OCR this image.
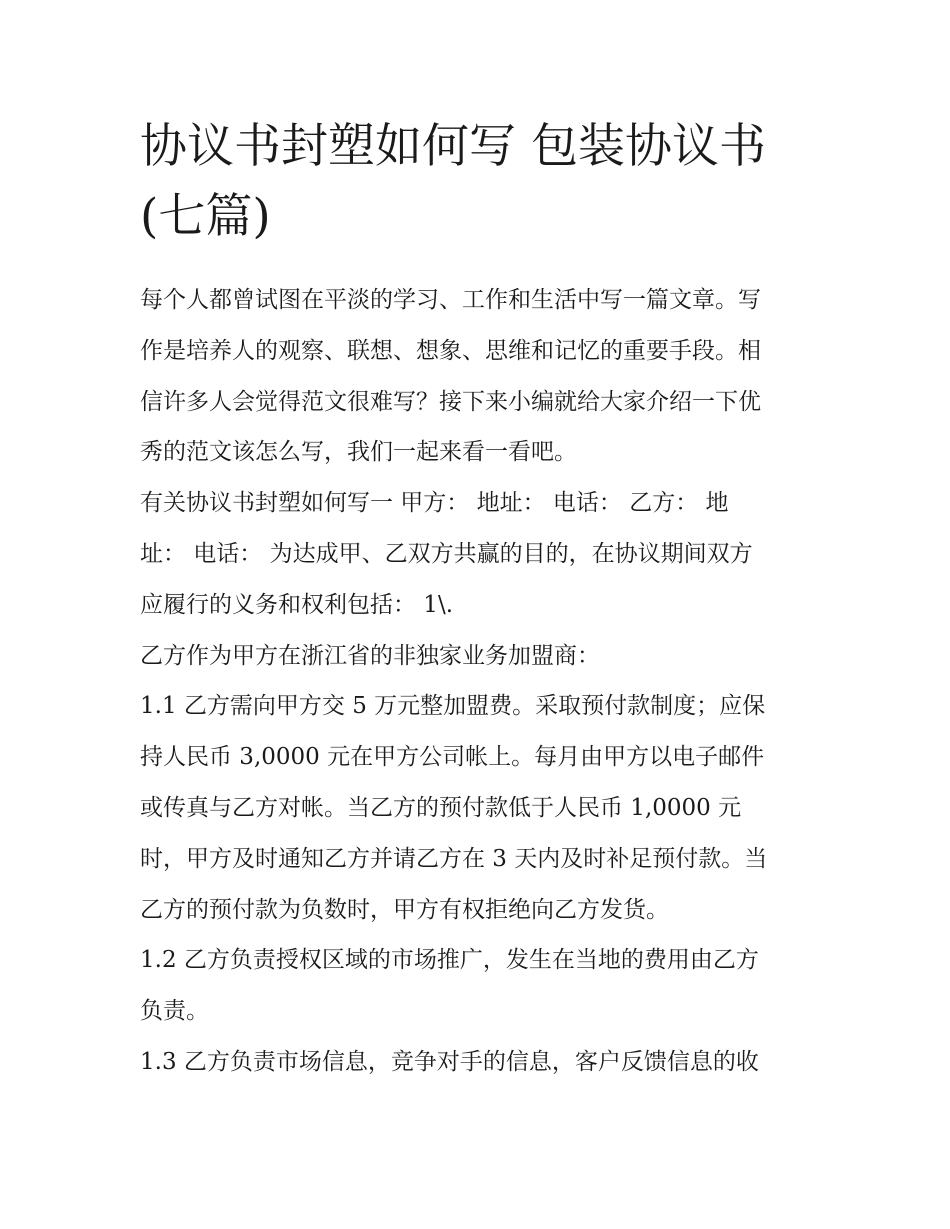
协议书封塑如何写 包装协议书
(七篇)

每个人都曾试图在平淡的学习、工作和生活中写一篇文章。写

作是培养人的观察、联想、想象、思维和记忆的重要手段。相

信许多人会觉得范文很难写？接下来小编就给大家介绍一下优

秀的范文该怎么写，我们一起来看一看吧。

有关协议书封塑如何写一 甲方： 地址： 电话： 乙方： 地

址： 电话： 为达成甲、乙双方共赢的目的，在协议期间双方

应履行的义务和权利包括： 1\.

乙方作为甲方在浙江省的非独家业务加盟商：

1.1 乙方需向甲方交 5 万元整加盟费。采取预付款制度；应保

持人民币 3,0000 元在甲方公司帐上。每月由甲方以电子邮件

或传真与乙方对帐。当乙方的预付款低于人民币 1,0000 元

时，甲方及时通知乙方并请乙方在 3 天内及时补足预付款。当

乙方的预付款为负数时，甲方有权拒绝向乙方发货。

1.2 乙方负责授权区域的市场推广，发生在当地的费用由乙方

负责。

1.3 乙方负责市场信息，竞争对手的信息，客户反馈信息的收
